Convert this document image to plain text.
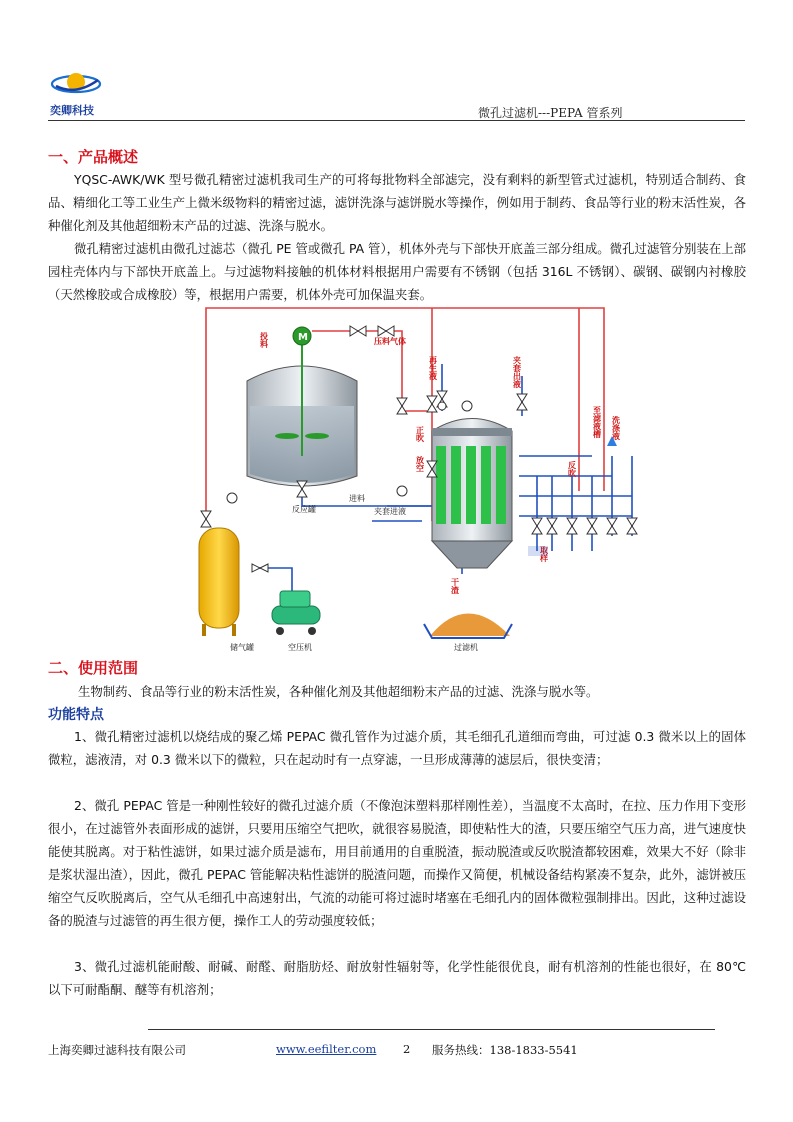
奕卿科技	微孔过滤机---PEPA 管系列
一、产品概述

YQSC-AWK/WK 型号微孔精密过滤机我司生产的可将每批物料全部滤完，没有剩料的新型管式过滤机，特别适合制药、食品、精细化工等工业生产上微米级物料的精密过滤，滤饼洗涤与滤饼脱水等操作，例如用于制药、食品等行业的粉末活性炭，各种催化剂及其他超细粉末产品的过滤、洗涤与脱水。

微孔精密过滤机由微孔过滤芯（微孔 PE 管或微孔 PA 管），机体外壳与下部快开底盖三部分组成。微孔过滤管分别装在上部园柱壳体内与下部快开底盖上。与过滤物料接触的机体材料根据用户需要有不锈钢（包括 316L 不锈钢）、碳钢、碳钢内衬橡胶（天然橡胶或合成橡胶）等，根据用户需要，机体外壳可加保温夹套。

M
投料	压料气体
正吹
放空
再生液	夹套出液
至滤液槽 洗涤液
反吹
取样
干渣
进料
夹套进液
反应罐
储气罐	空压机	过滤机
二、使用范围
生物制药、食品等行业的粉末活性炭，各种催化剂及其他超细粉末产品的过滤、洗涤与脱水等。
功能特点

1、微孔精密过滤机以烧结成的聚乙烯 PEPAC 微孔管作为过滤介质，其毛细孔孔道细而弯曲，可过滤 0.3 微米以上的固体微粒，滤液清，对 0.3 微米以下的微粒，只在起动时有一点穿滤，一旦形成薄薄的滤层后，很快变清；

2、微孔 PEPAC 管是一种刚性较好的微孔过滤介质（不像泡沫塑料那样刚性差），当温度不太高时，在拉、压力作用下变形很小，在过滤管外表面形成的滤饼，只要用压缩空气把吹，就很容易脱渣，即使粘性大的渣，只要压缩空气压力高，进气速度快能使其脱离。对于粘性滤饼，如果过滤介质是滤布，用目前通用的自重脱渣，振动脱渣或反吹脱渣都较困难，效果大不好（除非是浆状湿出渣），因此，微孔 PEPAC 管能解决粘性滤饼的脱渣问题，而操作又简便，机械设备结构紧凑不复杂，此外，滤饼被压缩空气反吹脱离后，空气从毛细孔中高速射出，气流的动能可将过滤时堵塞在毛细孔内的固体微粒强制排出。因此，这种过滤设备的脱渣与过滤管的再生很方便，操作工人的劳动强度较低；

3、微孔过滤机能耐酸、耐碱、耐醛、耐脂肪烃、耐放射性辐射等，化学性能很优良，耐有机溶剂的性能也很好，在 80℃以下可耐酯酮、醚等有机溶剂；

上海奕卿过滤科技有限公司	www.eefilter.com 2 服务热线：138-1833-5541
